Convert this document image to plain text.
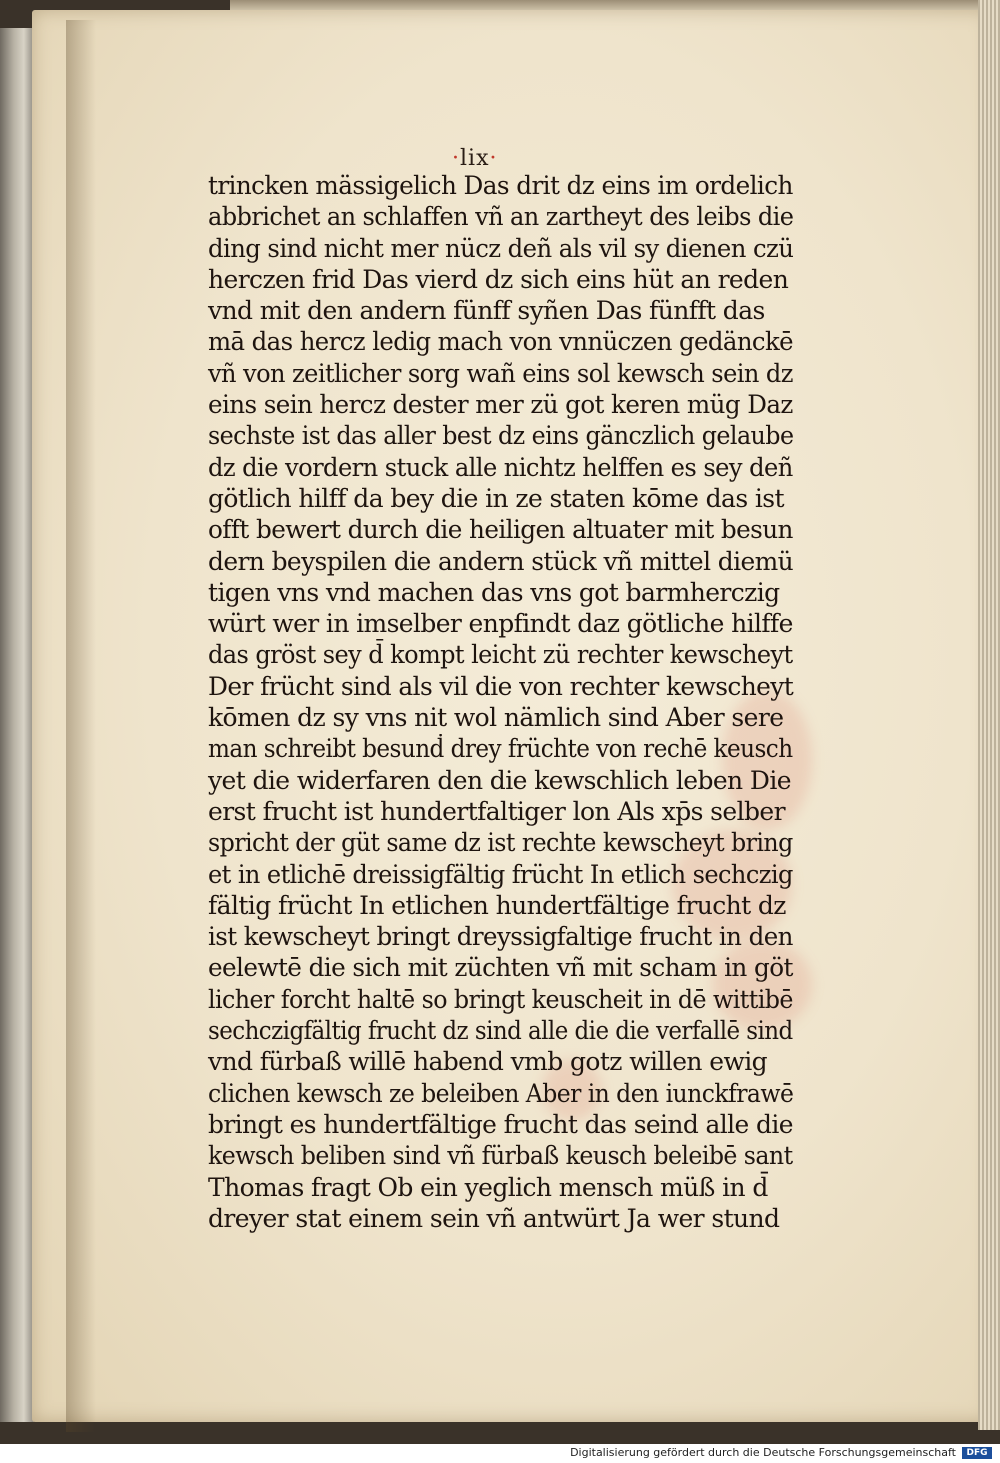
·lix·
trincken mässigelich Das drit dz eins im ordelich
abbrichet an schlaffen vñ an zartheyt des leibs die
ding sind nicht mer nücz deñ als vil sy dienen czü
herczen frid Das vierd dz sich eins hüt an reden
vnd mit den andern fünff syñen Das fünfft das
mā das hercz ledig mach von vnnüczen gedänckē
vñ von zeitlicher sorg wañ eins sol kewsch sein dz
eins sein hercz dester mer zü got keren müg Daz
sechste ist das aller best dz eins gänczlich gelaube
dz die vordern stuck alle nichtz helffen es sey deñ
götlich hilff da bey die in ze staten kōme das ist
offt bewert durch die heiligen altuater mit besun
dern beyspilen die andern stück vñ mittel diemü
tigen vns vnd machen das vns got barmherczig
würt wer in imselber enpfindt daz götliche hilffe
das gröst sey d̄ kompt leicht zü rechter kewscheyt
Der frücht sind als vil die von rechter kewscheyt
kōmen dz sy vns nit wol nämlich sind Aber sere
man schreibt besunḋ drey früchte von rechē keusch
yet die widerfaren den die kewschlich leben Die
erst frucht ist hundertfaltiger lon Als xp̄s selber
spricht der güt same dz ist rechte kewscheyt bring
et in etlichē dreissigfältig frücht In etlich sechczig
fältig frücht In etlichen hundertfältige frucht dz
ist kewscheyt bringt dreyssigfaltige frucht in den
eelewtē die sich mit züchten vñ mit scham in göt
licher forcht haltē so bringt keuscheit in dē wittibē
sechczigfältig frucht dz sind alle die die verfallē sind
vnd fürbaß willē habend vmb gotz willen ewig
clichen kewsch ze beleiben Aber in den iunckfrawē
bringt es hundertfältige frucht das seind alle die
kewsch beliben sind vñ fürbaß keusch beleibē sant
Thomas fragt Ob ein yeglich mensch müß in d̄
dreyer stat einem sein vñ antwürt Ja wer stund
Digitalisierung gefördert durch die Deutsche Forschungsgemeinschaft	DFG
